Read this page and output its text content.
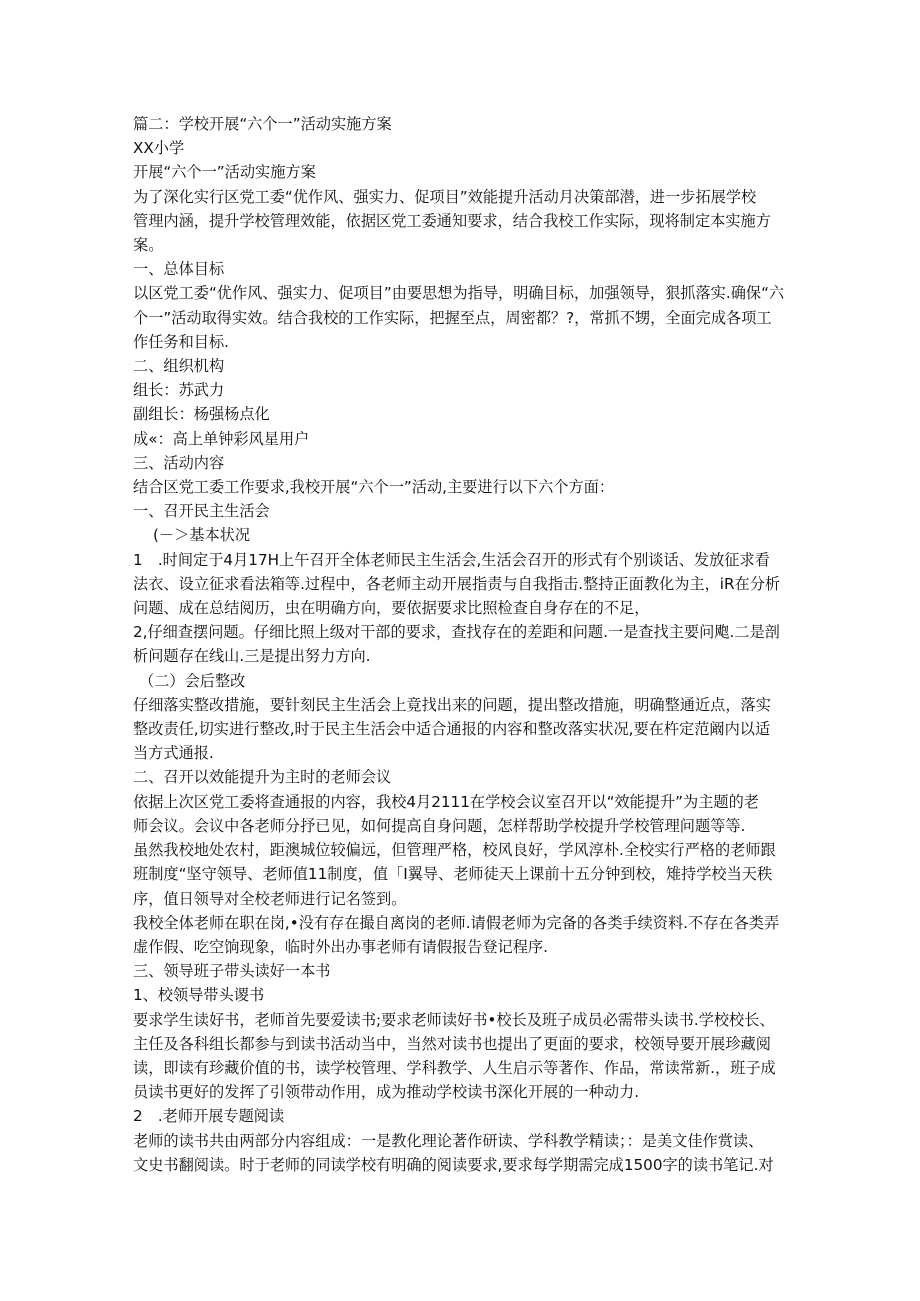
篇二：学校开展“六个一”活动实施方案
XX小学
开展“六个一”活动实施方案
为了深化实行区党工委“优作风、强实力、促项目”效能提升活动月决策部潜，进一步拓展学校
管理内涵，提升学校管理效能，依据区党工委通知要求，结合我校工作实际，现将制定本实施方
案。
一、总体目标
以区党工委“优作风、强实力、促项目”由要思想为指导，明确目标，加强领导，狠抓落实.确保“六
个一”活动取得实效。结合我校的工作实际，把握至点，周密都？?，常抓不甥，全面完成各项工
作任务和目标.
二、组织机构
组长：苏武力
副组长：杨强杨点化
成«：高上单钟彩风星用户
三、活动内容
结合区党工委工作要求,我校开展“六个一”活动,主要进行以下六个方面：
一、召开民主生活会
(－＞基本状况
1　.时间定于4月17H上午召开全体老师民主生活会,生活会召开的形式有个别谈话、发放征求看
法衣、设立征求看法箱等.过程中，各老师主动开展指责与自我指击.整持正面教化为主，iR在分析
问题、成在总结阅历，虫在明确方向，要依据要求比照检查自身存在的不足，
2,仔细查摆问题。仔细比照上级对干部的要求，查找存在的差距和问题.一是查找主要问飑.二是剖
析问题存在线山.三是提出努力方向.
（二）会后整改
仔细落实整改措施，要针刻民主生活会上竟找出来的问题，提出整改措施，明确整通近点，落实
整改责任,切实进行整改,时于民主生活会中适合通报的内容和整改落实状况,要在杵定范阚内以适
当方式通报.
二、召开以效能提升为主时的老师会议
依据上次区党工委将查通报的内容，我校4月2111在学校会议室召开以“效能提升”为主题的老
师会议。会议中各老师分抒已见，如何提高自身问题，怎样帮助学校提升学校管理问题等等.
虽然我校地处农村，距澳城位较偏远，但管理严格，校风良好，学风淳朴.全校实行严格的老师跟
班制度“坚守领导、老师值11制度，值「I翼导、老师徒天上课前十五分钟到校，雉持学校当天秩
序，值日领导对全校老师进行记名签到。
我校全体老师在职在岗,•没有存在撮自离岗的老师.请假老师为完备的各类手续资料.不存在各类弄
虚作假、吃空饷现象，临时外出办事老师有请假报告登记程序.
三、领导班子带头读好一本书
1、校领导带头谡书
要求学生读好书，老师首先要爱读书;要求老师读好书•校长及班子成员必需带头读书.学校校长、
主任及各科组长都参与到读书活动当中，当然对读书也提出了更面的要求，校领导要开展珍藏阅
读，即读有珍藏价值的书，读学校管理、学科教学、人生启示等著作、作品，常读常新.，班子成
员读书更好的发挥了引领带动作用，成为推动学校读书深化开展的一种动力.
2　.老师开展专题阅读
老师的读书共由两部分内容组成：一是教化理论著作研读、学科教学精读；：是美文佳作赏读、
文史书翻阅读。时于老师的同读学校有明确的阅读要求,要求每学期需完成1500字的读书笔记.对
